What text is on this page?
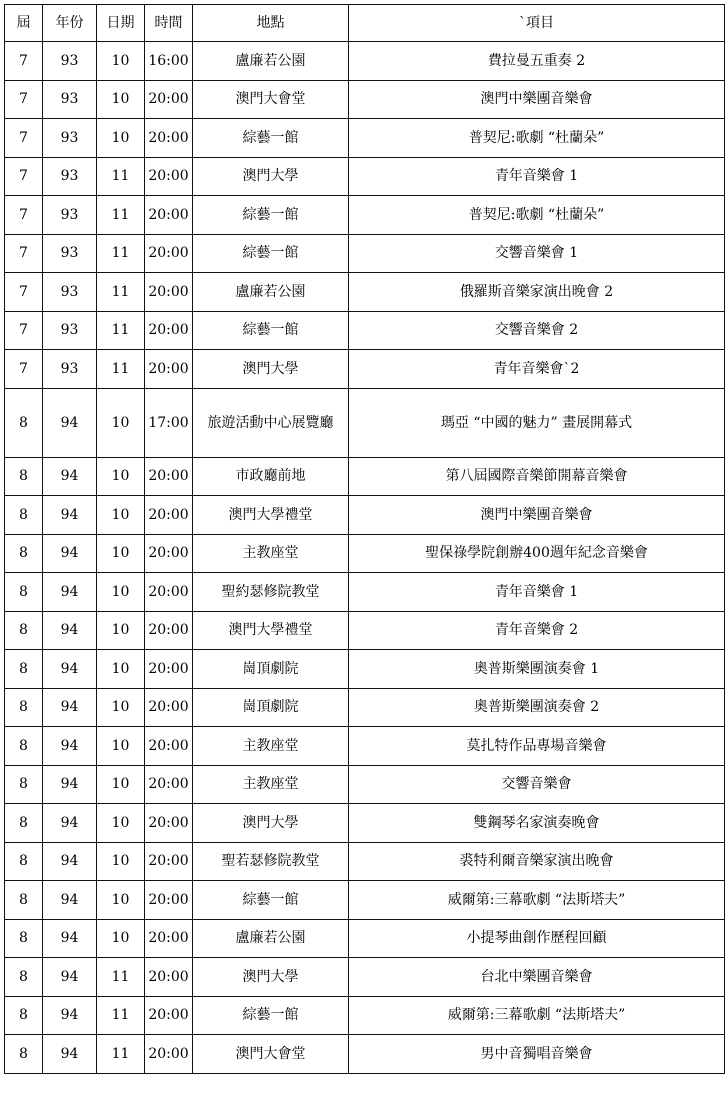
屆	年份	日期	時間	地點	`項目
7	93	10	16:00	盧廉若公園	費拉曼五重奏 2
7	93	10	20:00	澳門大會堂	澳門中樂團音樂會
7	93	10	20:00	綜藝一館	普契尼:歌劇 “杜蘭朵”
7	93	11	20:00	澳門大學	青年音樂會 1
7	93	11	20:00	綜藝一館	普契尼:歌劇 “杜蘭朵”
7	93	11	20:00	綜藝一館	交響音樂會 1
7	93	11	20:00	盧廉若公園	俄羅斯音樂家演出晚會 2
7	93	11	20:00	綜藝一館	交響音樂會 2
7	93	11	20:00	澳門大學	青年音樂會`2
8	94	10	17:00	旅遊活動中心展覽廳	瑪亞 “中國的魅力” 畫展開幕式
8	94	10	20:00	市政廳前地	第八屆國際音樂節開幕音樂會
8	94	10	20:00	澳門大學禮堂	澳門中樂團音樂會
8	94	10	20:00	主教座堂	聖保祿學院創辦400週年紀念音樂會
8	94	10	20:00	聖約瑟修院教堂	青年音樂會 1
8	94	10	20:00	澳門大學禮堂	青年音樂會 2
8	94	10	20:00	崗頂劇院	奧普斯樂團演奏會 1
8	94	10	20:00	崗頂劇院	奧普斯樂團演奏會 2
8	94	10	20:00	主教座堂	莫扎特作品專場音樂會
8	94	10	20:00	主教座堂	交響音樂會
8	94	10	20:00	澳門大學	雙鋼琴名家演奏晚會
8	94	10	20:00	聖若瑟修院教堂	裘特利爾音樂家演出晚會
8	94	10	20:00	綜藝一館	威爾第:三幕歌劇 “法斯塔夫”
8	94	10	20:00	盧廉若公園	小提琴曲創作歷程回顧
8	94	11	20:00	澳門大學	台北中樂團音樂會
8	94	11	20:00	綜藝一館	威爾第:三幕歌劇 “法斯塔夫”
8	94	11	20:00	澳門大會堂	男中音獨唱音樂會
